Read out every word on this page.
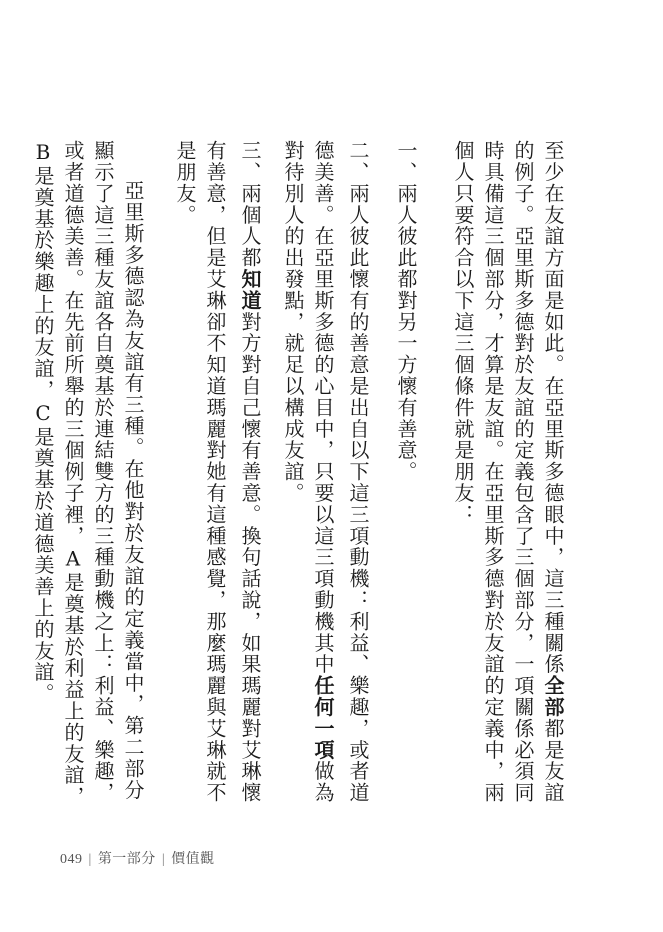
至少在友誼方面是如此。在亞里斯多德眼中，這三種關係全部都是友誼的例子。亞里斯多德對於友誼的定義包含了三個部分，一項關係必須同時具備這三個部分，才算是友誼。在亞里斯多德對於友誼的定義中，兩個人只要符合以下這三個條件就是朋友：

一、兩人彼此都對另一方懷有善意。

二、兩人彼此懷有的善意是出自以下這三項動機：利益、樂趣，或者道德美善。在亞里斯多德的心目中，只要以這三項動機其中任何一項做為對待別人的出發點，就足以構成友誼。

三、兩個人都知道對方對自己懷有善意。換句話說，如果瑪麗對艾琳懷有善意，但是艾琳卻不知道瑪麗對她有這種感覺，那麼瑪麗與艾琳就不是朋友。

亞里斯多德認為友誼有三種。在他對於友誼的定義當中，第二部分顯示了這三種友誼各自奠基於連結雙方的三種動機之上：利益、樂趣，或者道德美善。在先前所舉的三個例子裡，A是奠基於利益上的友誼，B是奠基於樂趣上的友誼，C是奠基於道德美善上的友誼。

049 | 第一部分 | 價值觀
